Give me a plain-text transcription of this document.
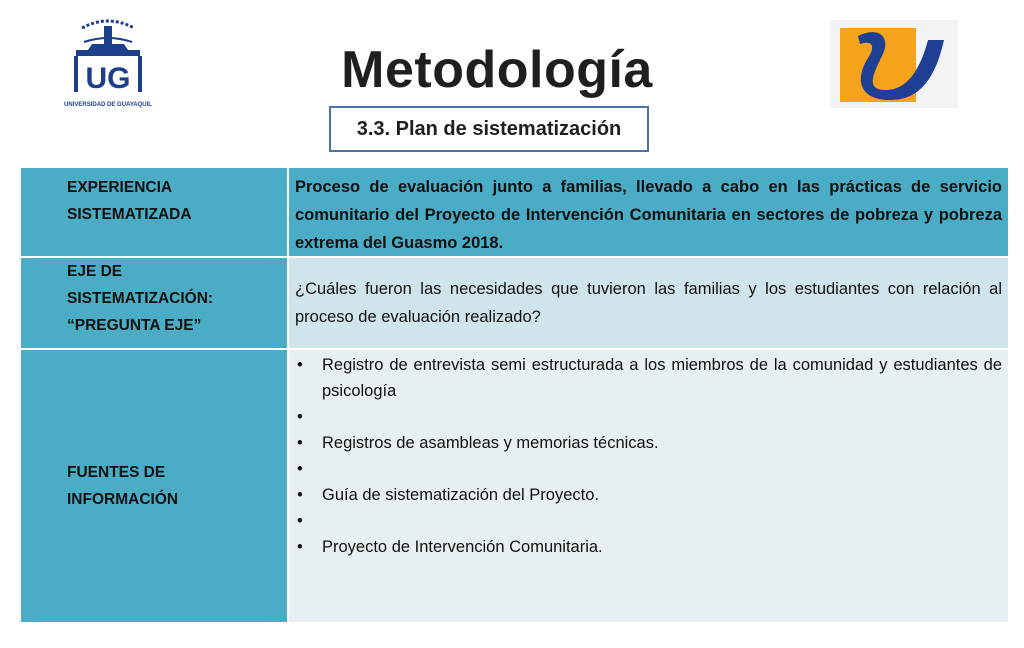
UG
UNIVERSIDAD DE GUAYAQUIL
Metodología
3.3. Plan de sistematización
EXPERIENCIA
SISTEMATIZADA
Proceso de evaluación junto a familias, llevado a cabo en las prácticas de servicio comunitario del Proyecto de Intervención Comunitaria en sectores de pobreza y pobreza extrema del Guasmo 2018.
EJE DE
SISTEMATIZACIÓN:
“PREGUNTA EJE”
¿Cuáles fueron las necesidades que tuvieron las familias y los estudiantes con relación al proceso de evaluación realizado?
FUENTES DE
INFORMACIÓN
• Registro de entrevista semi estructurada a los miembros de la comunidad y estudiantes de psicología
•
• Registros de asambleas y memorias técnicas.
•
• Guía de sistematización del Proyecto.
•
• Proyecto de Intervención Comunitaria.
